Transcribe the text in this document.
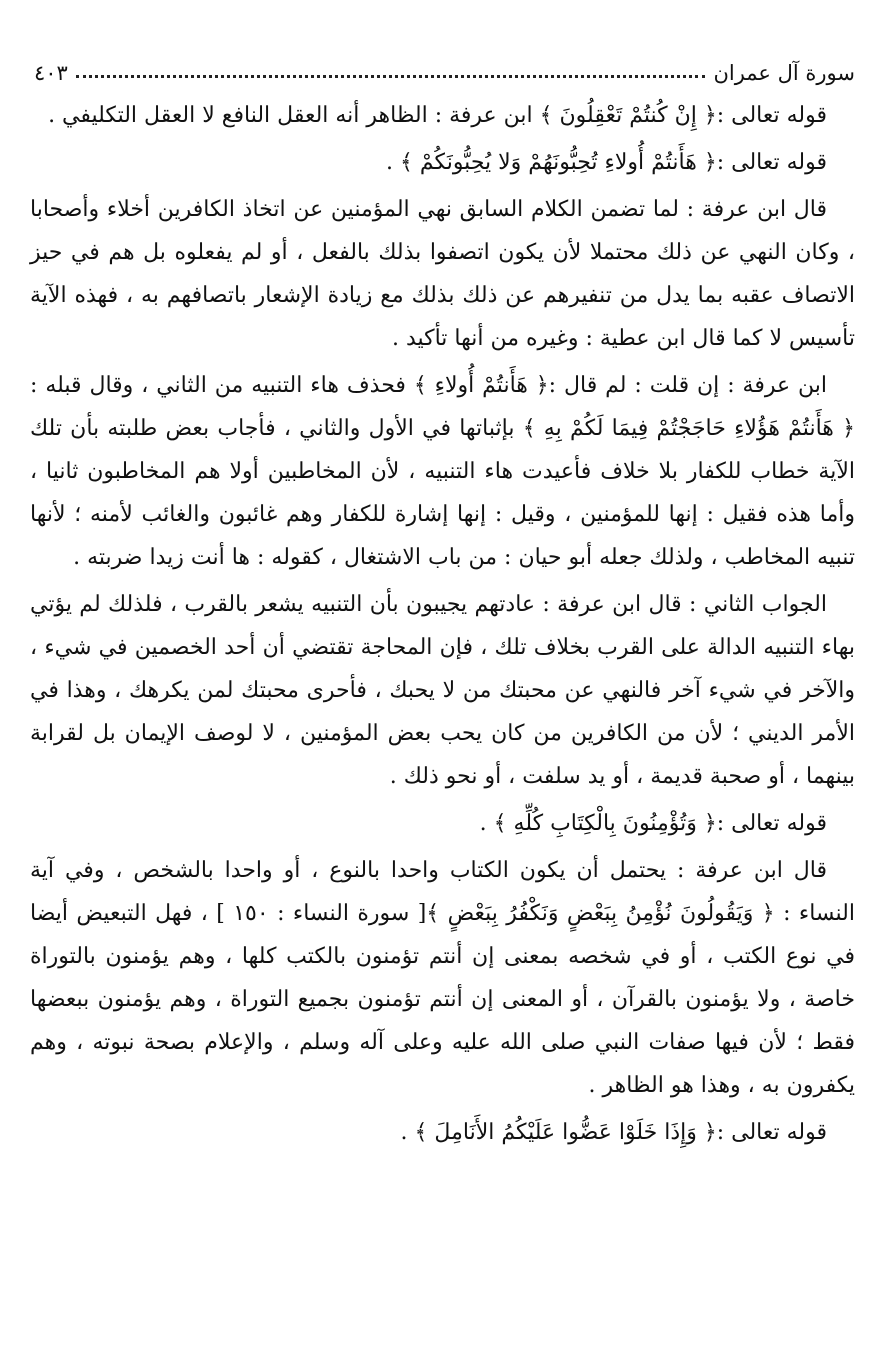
سورة آل عمران
٤٠٣

قوله تعالى :﴿ إِنْ كُنتُمْ تَعْقِلُونَ ﴾ ابن عرفة : الظاهر أنه العقل النافع لا العقل التكليفي .

قوله تعالى :﴿ هَأَنتُمْ أُولاءِ تُحِبُّونَهُمْ وَلا يُحِبُّونَكُمْ ﴾ .

قال ابن عرفة : لما تضمن الكلام السابق نهي المؤمنين عن اتخاذ الكافرين أخلاء وأصحابا ، وكان النهي عن ذلك محتملا لأن يكون اتصفوا بذلك بالفعل ، أو لم يفعلوه بل هم في حيز الاتصاف عقبه بما يدل من تنفيرهم عن ذلك بذلك مع زيادة الإشعار باتصافهم به ، فهذه الآية تأسيس لا كما قال ابن عطية : وغيره من أنها تأكيد .

ابن عرفة : إن قلت : لم قال :﴿ هَأَنتُمْ أُولاءِ ﴾ فحذف هاء التنبيه من الثاني ، وقال قبله : ﴿ هَأَنتُمْ هَؤُلاءِ حَاجَجْتُمْ فِيمَا لَكُمْ بِهِ ﴾ بإثباتها في الأول والثاني ، فأجاب بعض طلبته بأن تلك الآية خطاب للكفار بلا خلاف فأعيدت هاء التنبيه ، لأن المخاطبين أولا هم المخاطبون ثانيا ، وأما هذه فقيل : إنها للمؤمنين ، وقيل : إنها إشارة للكفار وهم غائبون والغائب لأمنه ؛ لأنها تنبيه المخاطب ، ولذلك جعله أبو حيان : من باب الاشتغال ، كقوله : ها أنت زيدا ضربته .

الجواب الثاني : قال ابن عرفة : عادتهم يجيبون بأن التنبيه يشعر بالقرب ، فلذلك لم يؤتي بهاء التنبيه الدالة على القرب بخلاف تلك ، فإن المحاجة تقتضي أن أحد الخصمين في شيء ، والآخر في شيء آخر فالنهي عن محبتك من لا يحبك ، فأحرى محبتك لمن يكرهك ، وهذا في الأمر الديني ؛ لأن من الكافرين من كان يحب بعض المؤمنين ، لا لوصف الإيمان بل لقرابة بينهما ، أو صحبة قديمة ، أو يد سلفت ، أو نحو ذلك .

قوله تعالى :﴿ وَتُؤْمِنُونَ بِالْكِتَابِ كُلِّهِ ﴾ .

قال ابن عرفة : يحتمل أن يكون الكتاب واحدا بالنوع ، أو واحدا بالشخص ، وفي آية النساء : ﴿ وَيَقُولُونَ نُؤْمِنُ بِبَعْضٍ وَنَكْفُرُ بِبَعْضٍ ﴾[ سورة النساء : ١٥٠ ] ، فهل التبعيض أيضا في نوع الكتب ، أو في شخصه بمعنى إن أنتم تؤمنون بالكتب كلها ، وهم يؤمنون بالتوراة خاصة ، ولا يؤمنون بالقرآن ، أو المعنى إن أنتم تؤمنون بجميع التوراة ، وهم يؤمنون ببعضها فقط ؛ لأن فيها صفات النبي صلى الله عليه وعلى آله وسلم ، والإعلام بصحة نبوته ، وهم يكفرون به ، وهذا هو الظاهر .

قوله تعالى :﴿ وَإِذَا خَلَوْا عَضُّوا عَلَيْكُمُ الأَنَامِلَ ﴾ .
